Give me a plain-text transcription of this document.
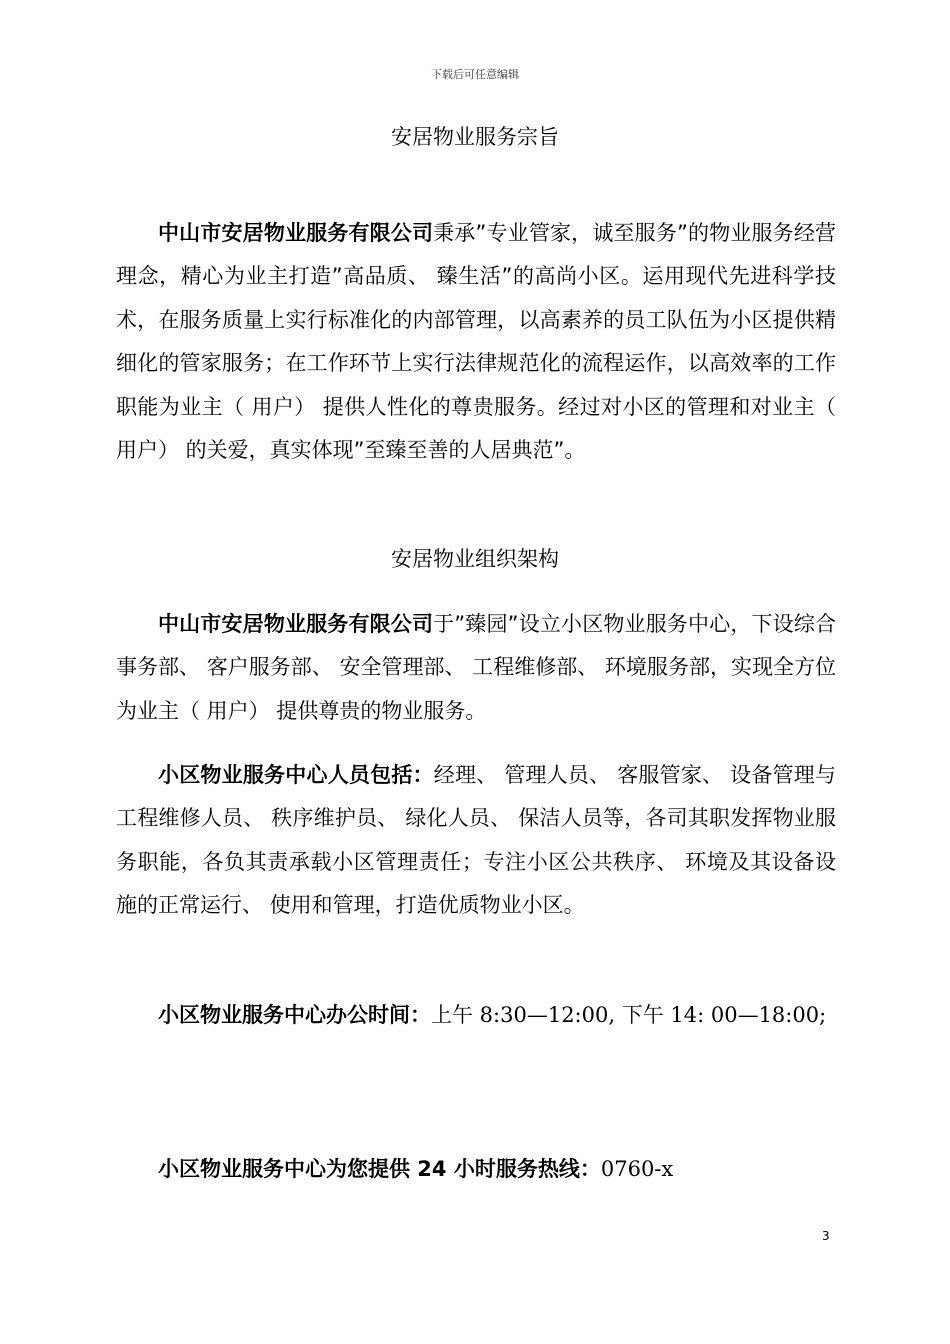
下载后可任意编辑
安居物业服务宗旨

中山市安居物业服务有限公司秉承”专业管家，诚至服务”的物业服务经营理念，精心为业主打造”高品质、 臻生活”的高尚小区。运用现代先进科学技术，在服务质量上实行标准化的内部管理，以高素养的员工队伍为小区提供精细化的管家服务；在工作环节上实行法律规范化的流程运作，以高效率的工作职能为业主（ 用户） 提供人性化的尊贵服务。经过对小区的管理和对业主（ 用户） 的关爱，真实体现”至臻至善的人居典范”。

安居物业组织架构

中山市安居物业服务有限公司于”臻园”设立小区物业服务中心，下设综合事务部、 客户服务部、 安全管理部、 工程维修部、 环境服务部，实现全方位为业主（ 用户） 提供尊贵的物业服务。

小区物业服务中心人员包括：经理、 管理人员、 客服管家、 设备管理与工程维修人员、 秩序维护员、 绿化人员、 保洁人员等，各司其职发挥物业服务职能，各负其责承载小区管理责任；专注小区公共秩序、 环境及其设备设施的正常运行、 使用和管理，打造优质物业小区。

小区物业服务中心办公时间：上午 8:30—12:00, 下午 14: 00—18:00;

小区物业服务中心为您提供 24 小时服务热线：0760-x

3
